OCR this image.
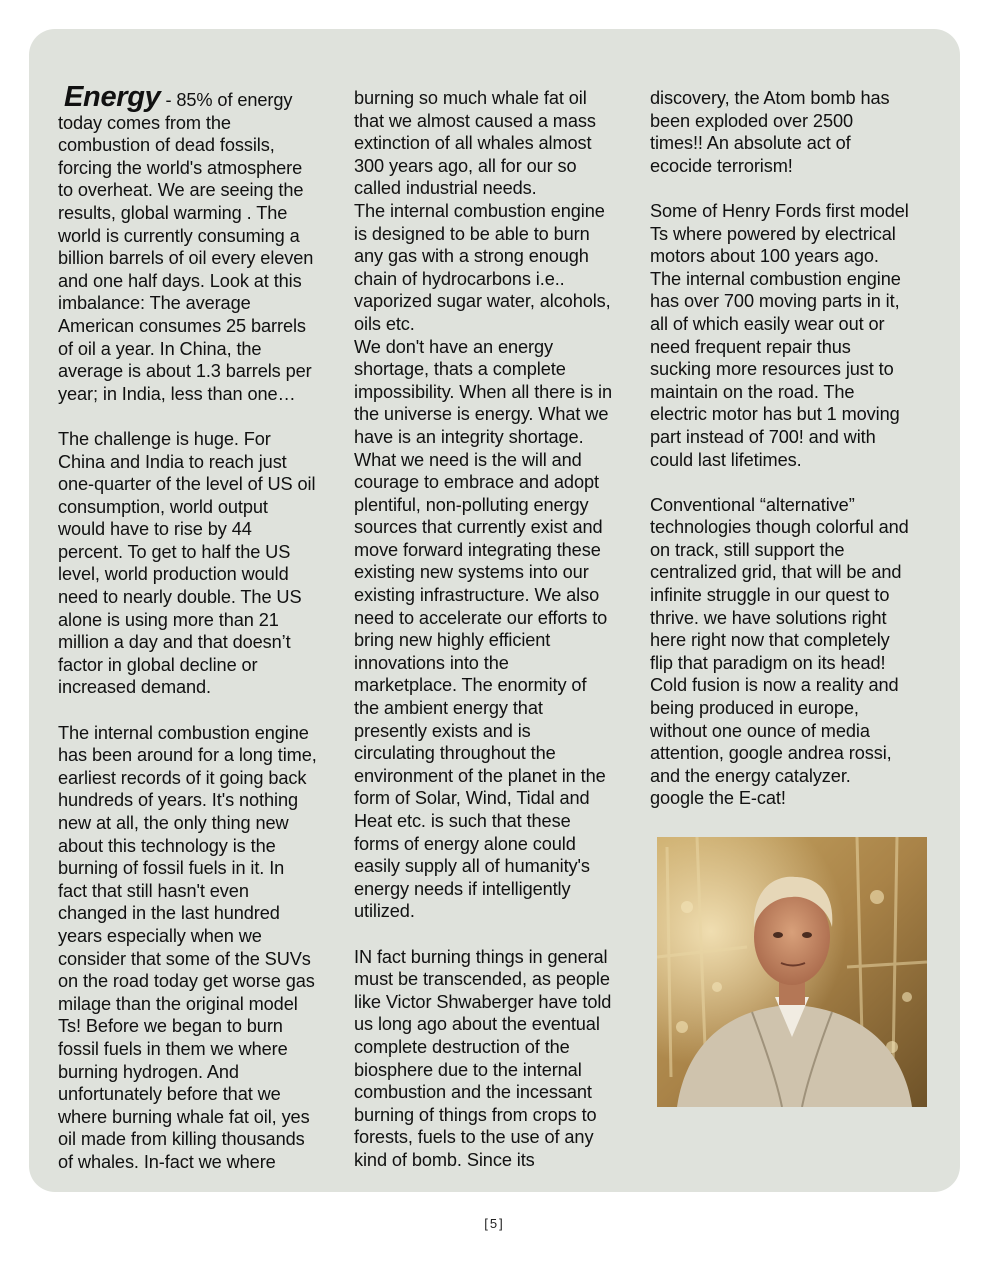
Energy - 85% of energy

today comes from the
combustion of dead fossils,
forcing the world's atmosphere
to overheat. We are seeing the
results, global warming . The
world is currently consuming a
billion barrels of oil every eleven
and one half days. Look at this
imbalance: The average
American consumes 25 barrels
of oil a year. In China, the
average is about 1.3 barrels per
year; in India, less than one…

The challenge is huge. For
China and India to reach just
one-quarter of the level of US oil
consumption, world output
would have to rise by 44
percent. To get to half the US
level, world production would
need to nearly double. The US
alone is using more than 21
million a day and that doesn’t
factor in global decline or
increased demand.

The internal combustion engine
has been around for a long time,
earliest records of it going back
hundreds of years. It's nothing
new at all, the only thing new
about this technology is the
burning of fossil fuels in it. In
fact that still hasn't even
changed in the last hundred
years especially when we
consider that some of the SUVs
on the road today get worse gas
milage than the original model
Ts! Before we began to burn
fossil fuels in them we where
burning hydrogen. And
unfortunately before that we
where burning whale fat oil, yes
oil made from killing thousands
of whales. In-fact we where

burning so much whale fat oil
that we almost caused a mass
extinction of all whales almost
300 years ago, all for our so
called industrial needs.
The internal combustion engine
is designed to be able to burn
any gas with a strong enough
chain of hydrocarbons i.e..
vaporized sugar water, alcohols,
oils etc.
We don't have an energy
shortage, thats a complete
impossibility. When all there is in
the universe is energy. What we
have is an integrity shortage.
What we need is the will and
courage to embrace and adopt
plentiful, non-polluting energy
sources that currently exist and
move forward integrating these
existing new systems into our
existing infrastructure. We also
need to accelerate our efforts to
bring new highly efficient
innovations into the
marketplace. The enormity of
the ambient energy that
presently exists and is
circulating throughout the
environment of the planet in the
form of Solar, Wind, Tidal and
Heat etc. is such that these
forms of energy alone could
easily supply all of humanity's
energy needs if intelligently
utilized.

IN fact burning things in general
must be transcended, as people
like Victor Shwaberger have told
us long ago about the eventual
complete destruction of the
biosphere due to the internal
combustion and the incessant
burning of things from crops to
forests, fuels to the use of any
kind of bomb. Since its

discovery, the Atom bomb has
been exploded over 2500
times!! An absolute act of
ecocide terrorism!

Some of Henry Fords first model
Ts where powered by electrical
motors about 100 years ago.
The internal combustion engine
has over 700 moving parts in it,
all of which easily wear out or
need frequent repair thus
sucking more resources just to
maintain on the road. The
electric motor has but 1 moving
part instead of 700! and with
could last lifetimes.

Conventional “alternative”
technologies though colorful and
on track, still support the
centralized grid, that will be and
infinite struggle in our quest to
thrive. we have solutions right
here right now that completely
flip that paradigm on its head!
Cold fusion is now a reality and
being produced in europe,
without one ounce of media
attention, google andrea rossi,
and the energy catalyzer.
google the E-cat!

[5]
